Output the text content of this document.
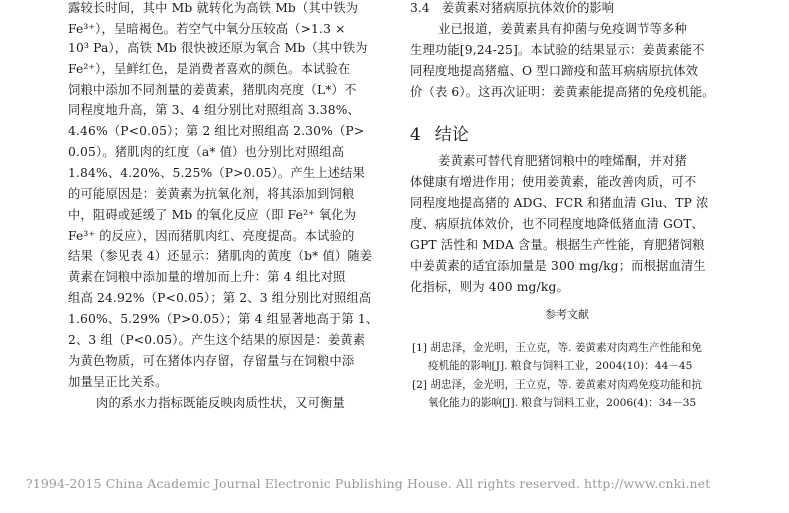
露较长时间，其中 Mb 就转化为高铁 Mb（其中铁为
Fe³⁺），呈暗褐色。若空气中氧分压较高（>1.3 ×
10³ Pa），高铁 Mb 很快被还原为氧合 Mb（其中铁为
Fe²⁺），呈鲜红色，是消费者喜欢的颜色。本试验在
饲粮中添加不同剂量的姜黄素，猪肌肉亮度（L*）不
同程度地升高，第 3、4 组分别比对照组高 3.38%、
4.46%（P<0.05）；第 2 组比对照组高 2.30%（P>
0.05）。猪肌肉的红度（a* 值）也分别比对照组高
1.84%、4.20%、5.25%（P>0.05）。产生上述结果
的可能原因是：姜黄素为抗氧化剂，将其添加到饲粮
中，阻碍或延缓了 Mb 的氧化反应（即 Fe²⁺ 氧化为
Fe³⁺ 的反应），因而猪肌肉红、亮度提高。本试验的
结果（参见表 4）还显示：猪肌肉的黄度（b* 值）随姜
黄素在饲粮中添加量的增加而上升：第 4 组比对照
组高 24.92%（P<0.05）；第 2、3 组分别比对照组高
1.60%、5.29%（P>0.05）；第 4 组显著地高于第 1、
2、3 组（P<0.05）。产生这个结果的原因是：姜黄素
为黄色物质，可在猪体内存留，存留量与在饲粮中添
加量呈正比关系。
肉的系水力指标既能反映肉质性状，又可衡量
3.4　姜黄素对猪病原抗体效价的影响
业已报道，姜黄素具有抑菌与免疫调节等多种
生理功能[9,24-25]。本试验的结果显示：姜黄素能不
同程度地提高猪瘟、O 型口蹄疫和蓝耳病病原抗体效
价（表 6）。这再次证明：姜黄素能提高猪的免疫机能。
4 结论
姜黄素可替代育肥猪饲粮中的喹烯酮，并对猪
体健康有增进作用；使用姜黄素，能改善肉质，可不
同程度地提高猪的 ADG、FCR 和猪血清 Glu、TP 浓
度、病原抗体效价，也不同程度地降低猪血清 GOT、
GPT 活性和 MDA 含量。根据生产性能，育肥猪饲粮
中姜黄素的适宜添加量是 300 mg/kg；而根据血清生
化指标，则为 400 mg/kg。
参考文献
[1] 胡忠泽，金光明，王立克，等. 姜黄素对肉鸡生产性能和免
疫机能的影响[J]. 粮食与饲料工业，2004(10)：44－45
[2] 胡忠泽，金光明，王立克，等. 姜黄素对肉鸡免疫功能和抗
氧化能力的影响[J]. 粮食与饲料工业，2006(4)：34－35
?1994-2015 China Academic Journal Electronic Publishing House. All rights reserved. http://www.cnki.net
